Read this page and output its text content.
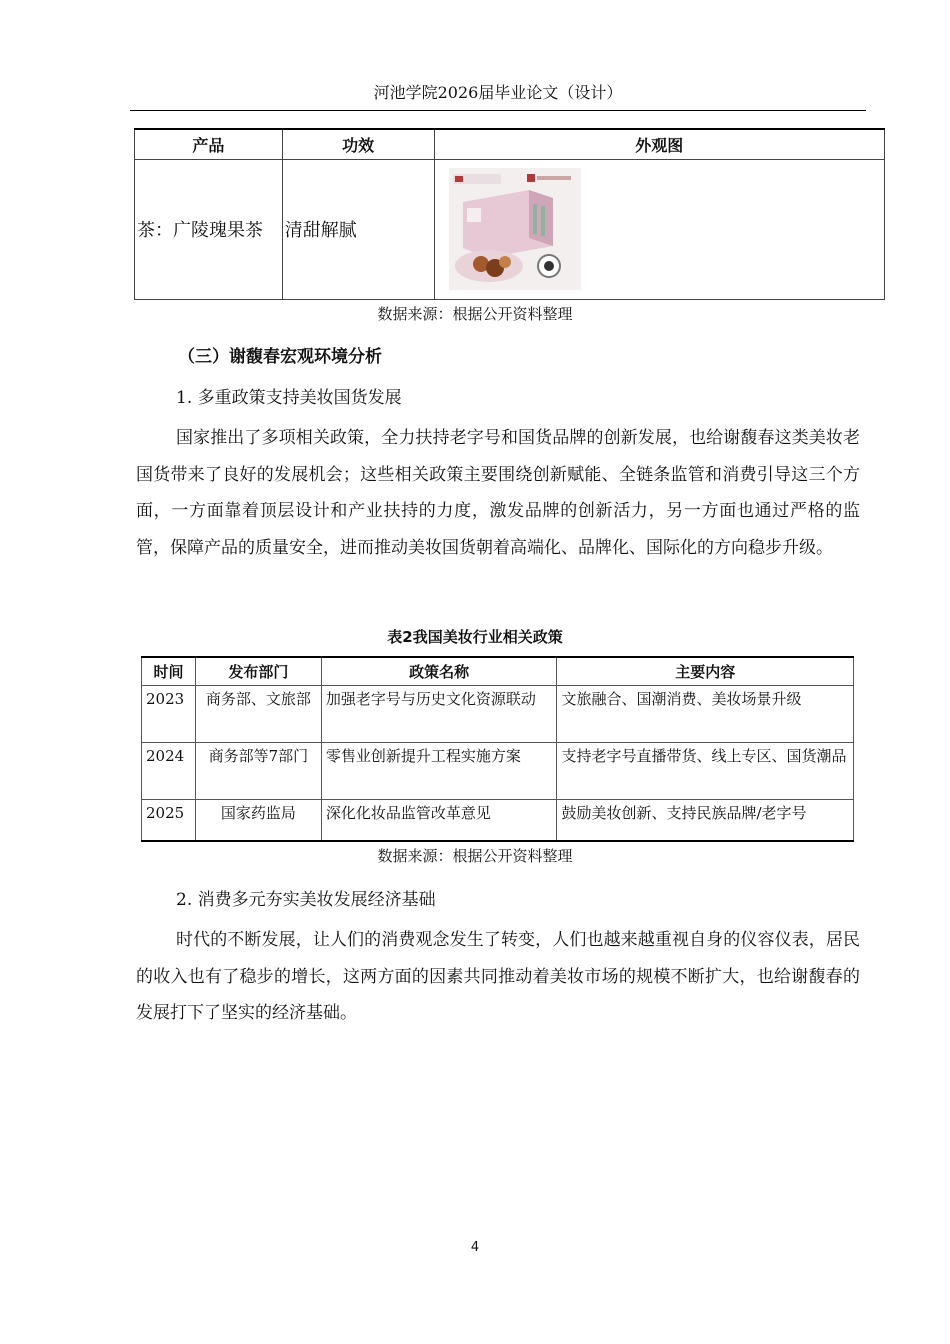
河池学院2026届毕业论文（设计）
产品	功效	外观图
茶：广陵瑰果茶	清甜解腻	
数据来源：根据公开资料整理
（三）谢馥春宏观环境分析
1. 多重政策支持美妆国货发展
国家推出了多项相关政策，全力扶持老字号和国货品牌的创新发展，也给谢馥春这类美妆老国货带来了良好的发展机会；这些相关政策主要围绕创新赋能、全链条监管和消费引导这三个方面，一方面靠着顶层设计和产业扶持的力度，激发品牌的创新活力，另一方面也通过严格的监管，保障产品的质量安全，进而推动美妆国货朝着高端化、品牌化、国际化的方向稳步升级。
表2我国美妆行业相关政策
时间	发布部门	政策名称	主要内容
2023	商务部、文旅部	加强老字号与历史文化资源联动	文旅融合、国潮消费、美妆场景升级
2024	商务部等7部门	零售业创新提升工程实施方案	支持老字号直播带货、线上专区、国货潮品
2025	国家药监局	深化化妆品监管改革意见	鼓励美妆创新、支持民族品牌/老字号
数据来源：根据公开资料整理
2. 消费多元夯实美妆发展经济基础
时代的不断发展，让人们的消费观念发生了转变，人们也越来越重视自身的仪容仪表，居民的收入也有了稳步的增长，这两方面的因素共同推动着美妆市场的规模不断扩大，也给谢馥春的发展打下了坚实的经济基础。
4
